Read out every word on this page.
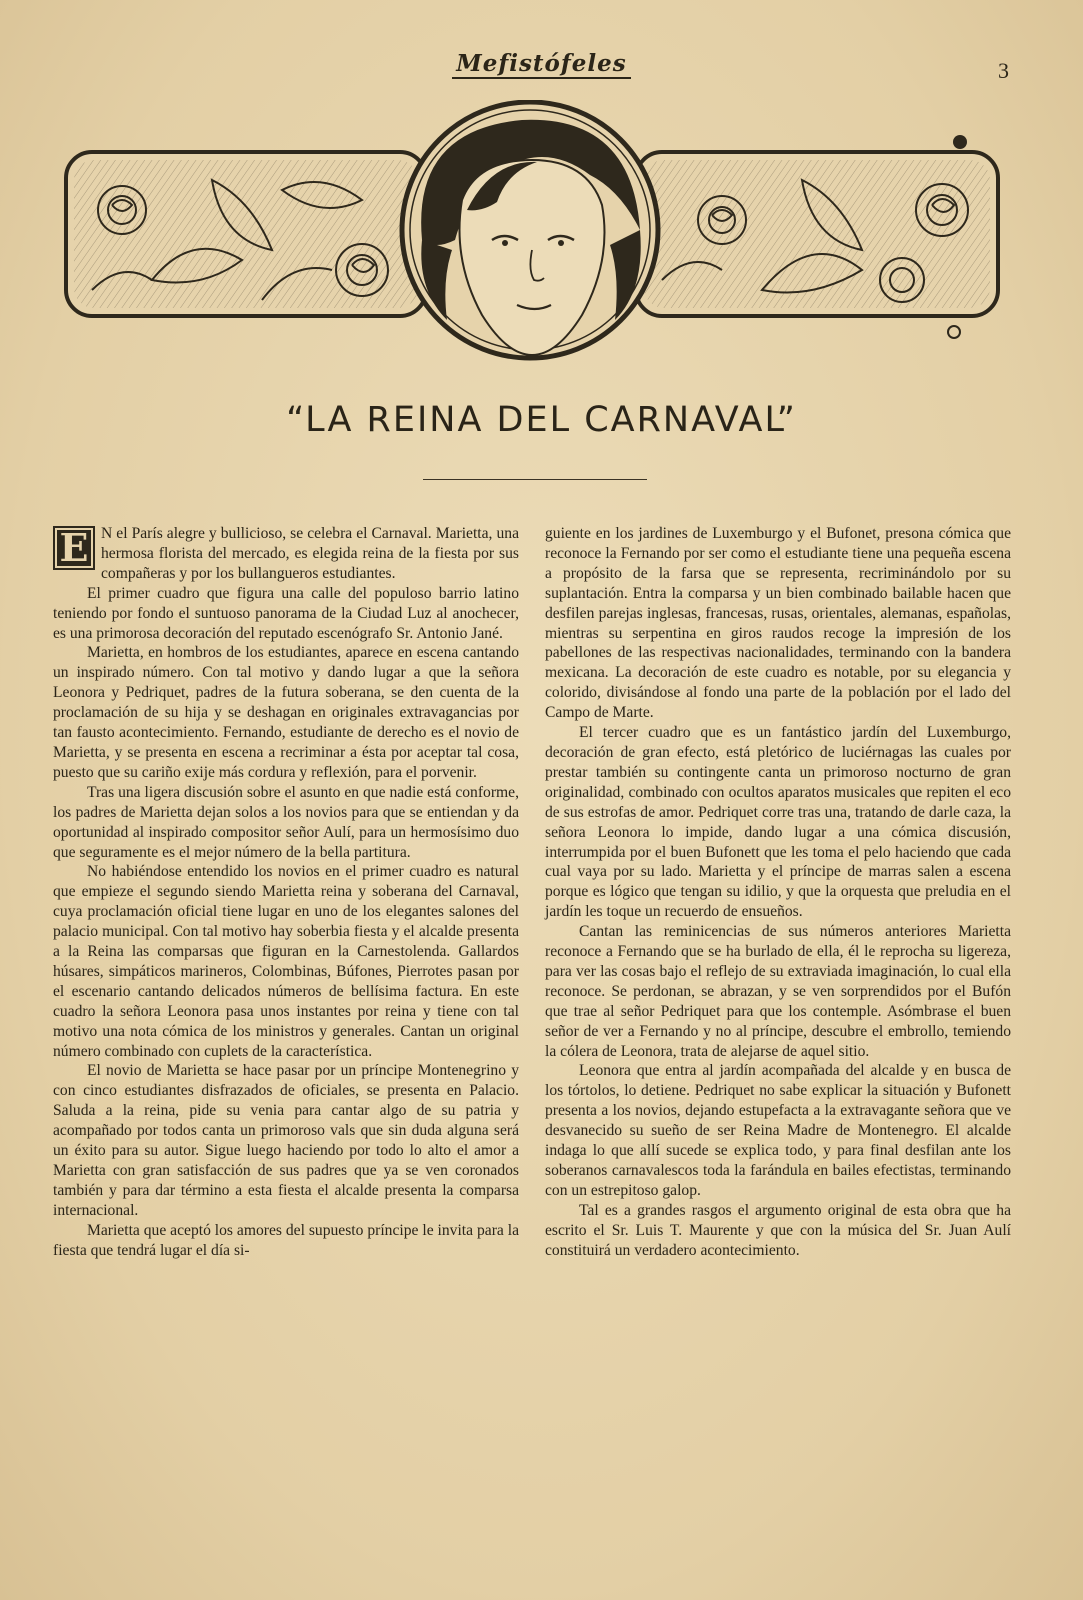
Mefistófeles	3
“LA REINA DEL CARNAVAL”

E N el París alegre y bullicioso, se celebra el Carnaval. Marietta, una hermosa florista del mercado, es elegida reina de la fiesta por sus compañeras y por los bullangueros estudiantes.

El primer cuadro que figura una calle del populoso barrio latino teniendo por fondo el suntuoso panorama de la Ciudad Luz al anochecer, es una primorosa decoración del reputado escenógrafo Sr. Antonio Jané.

Marietta, en hombros de los estudiantes, aparece en escena cantando un inspirado número. Con tal motivo y dando lugar a que la señora Leonora y Pedriquet, padres de la futura soberana, se den cuenta de la proclamación de su hija y se deshagan en originales extravagancias por tan fausto acontecimiento. Fernando, estudiante de derecho es el novio de Marietta, y se presenta en escena a recriminar a ésta por aceptar tal cosa, puesto que su cariño exije más cordura y reflexión, para el porvenir.

Tras una ligera discusión sobre el asunto en que nadie está conforme, los padres de Marietta dejan solos a los novios para que se entiendan y da oportunidad al inspirado compositor señor Aulí, para un hermosísimo duo que seguramente es el mejor número de la bella partitura.

No habiéndose entendido los novios en el primer cuadro es natural que empieze el segundo siendo Marietta reina y soberana del Carnaval, cuya proclamación oficial tiene lugar en uno de los elegantes salones del palacio municipal. Con tal motivo hay soberbia fiesta y el alcalde presenta a la Reina las comparsas que figuran en la Carnestolenda. Gallardos húsares, simpáticos marineros, Colombinas, Búfones, Pierrotes pasan por el escenario cantando delicados números de bellísima factura. En este cuadro la señora Leonora pasa unos instantes por reina y tiene con tal motivo una nota cómica de los ministros y generales. Cantan un original número combinado con cuplets de la característica.

El novio de Marietta se hace pasar por un príncipe Montenegrino y con cinco estudiantes disfrazados de oficiales, se presenta en Palacio. Saluda a la reina, pide su venia para cantar algo de su patria y acompañado por todos canta un primoroso vals que sin duda alguna será un éxito para su autor. Sigue luego haciendo por todo lo alto el amor a Marietta con gran satisfacción de sus padres que ya se ven coronados también y para dar término a esta fiesta el alcalde presenta la comparsa internacional.

Marietta que aceptó los amores del supuesto príncipe le invita para la fiesta que tendrá lugar el día si-

guiente en los jardines de Luxemburgo y el Bufonet, presona cómica que reconoce la Fernando por ser como el estudiante tiene una pequeña escena a propósito de la farsa que se representa, recriminándolo por su suplantación. Entra la comparsa y un bien combinado bailable hacen que desfilen parejas inglesas, francesas, rusas, orientales, alemanas, españolas, mientras su serpentina en giros raudos recoge la impresión de los pabellones de las respectivas nacionalidades, terminando con la bandera mexicana. La decoración de este cuadro es notable, por su elegancia y colorido, divisándose al fondo una parte de la población por el lado del Campo de Marte.

El tercer cuadro que es un fantástico jardín del Luxemburgo, decoración de gran efecto, está pletórico de luciérnagas las cuales por prestar también su contingente canta un primoroso nocturno de gran originalidad, combinado con ocultos aparatos musicales que repiten el eco de sus estrofas de amor. Pedriquet corre tras una, tratando de darle caza, la señora Leonora lo impide, dando lugar a una cómica discusión, interrumpida por el buen Bufonett que les toma el pelo haciendo que cada cual vaya por su lado. Marietta y el príncipe de marras salen a escena porque es lógico que tengan su idilio, y que la orquesta que preludia en el jardín les toque un recuerdo de ensueños.

Cantan las reminicencias de sus números anteriores Marietta reconoce a Fernando que se ha burlado de ella, él le reprocha su ligereza, para ver las cosas bajo el reflejo de su extraviada imaginación, lo cual ella reconoce. Se perdonan, se abrazan, y se ven sorprendidos por el Bufón que trae al señor Pedriquet para que los contemple. Asómbrase el buen señor de ver a Fernando y no al príncipe, descubre el embrollo, temiendo la cólera de Leonora, trata de alejarse de aquel sitio.

Leonora que entra al jardín acompañada del alcalde y en busca de los tórtolos, lo detiene. Pedriquet no sabe explicar la situación y Bufonett presenta a los novios, dejando estupefacta a la extravagante señora que ve desvanecido su sueño de ser Reina Madre de Montenegro. El alcalde indaga lo que allí sucede se explica todo, y para final desfilan ante los soberanos carnavalescos toda la farándula en bailes efectistas, terminando con un estrepitoso galop.

Tal es a grandes rasgos el argumento original de esta obra que ha escrito el Sr. Luis T. Maurente y que con la música del Sr. Juan Aulí constituirá un verdadero acontecimiento.
